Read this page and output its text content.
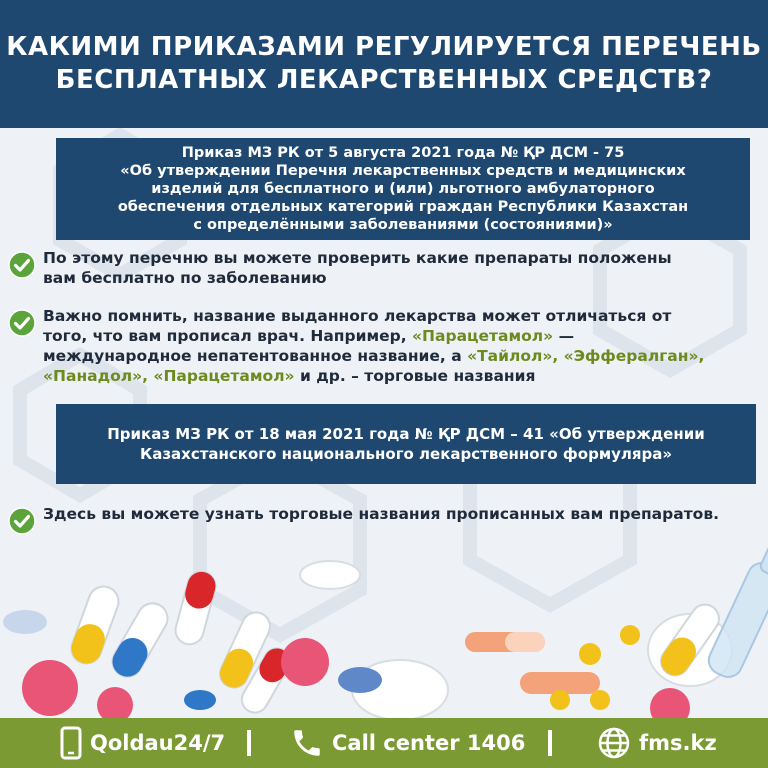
КАКИМИ ПРИКАЗАМИ РЕГУЛИРУЕТСЯ ПЕРЕЧЕНЬ
БЕСПЛАТНЫХ ЛЕКАРСТВЕННЫХ СРЕДСТВ?
Приказ МЗ РК от 5 августа 2021 года № ҚР ДСМ - 75
«Об утверждении Перечня лекарственных средств и медицинских
изделий для бесплатного и (или) льготного амбулаторного
обеспечения отдельных категорий граждан Республики Казахстан
с определёнными заболеваниями (состояниями)»
По этому перечню вы можете проверить какие препараты положены
вам бесплатно по заболеванию
Важно помнить, название выданного лекарства может отличаться от
того, что вам прописал врач. Например, «Парацетамол» —
международное непатентованное название, а «Тайлол», «Эффералган»,
«Панадол», «Парацетамол» и др. – торговые названия
Приказ МЗ РК от 18 мая 2021 года № ҚР ДСМ – 41 «Об утверждении
Казахстанского национального лекарственного формуляра»
Здесь вы можете узнать торговые названия прописанных вам препаратов.
Qoldau24/7	Call center 1406	fms.kz
